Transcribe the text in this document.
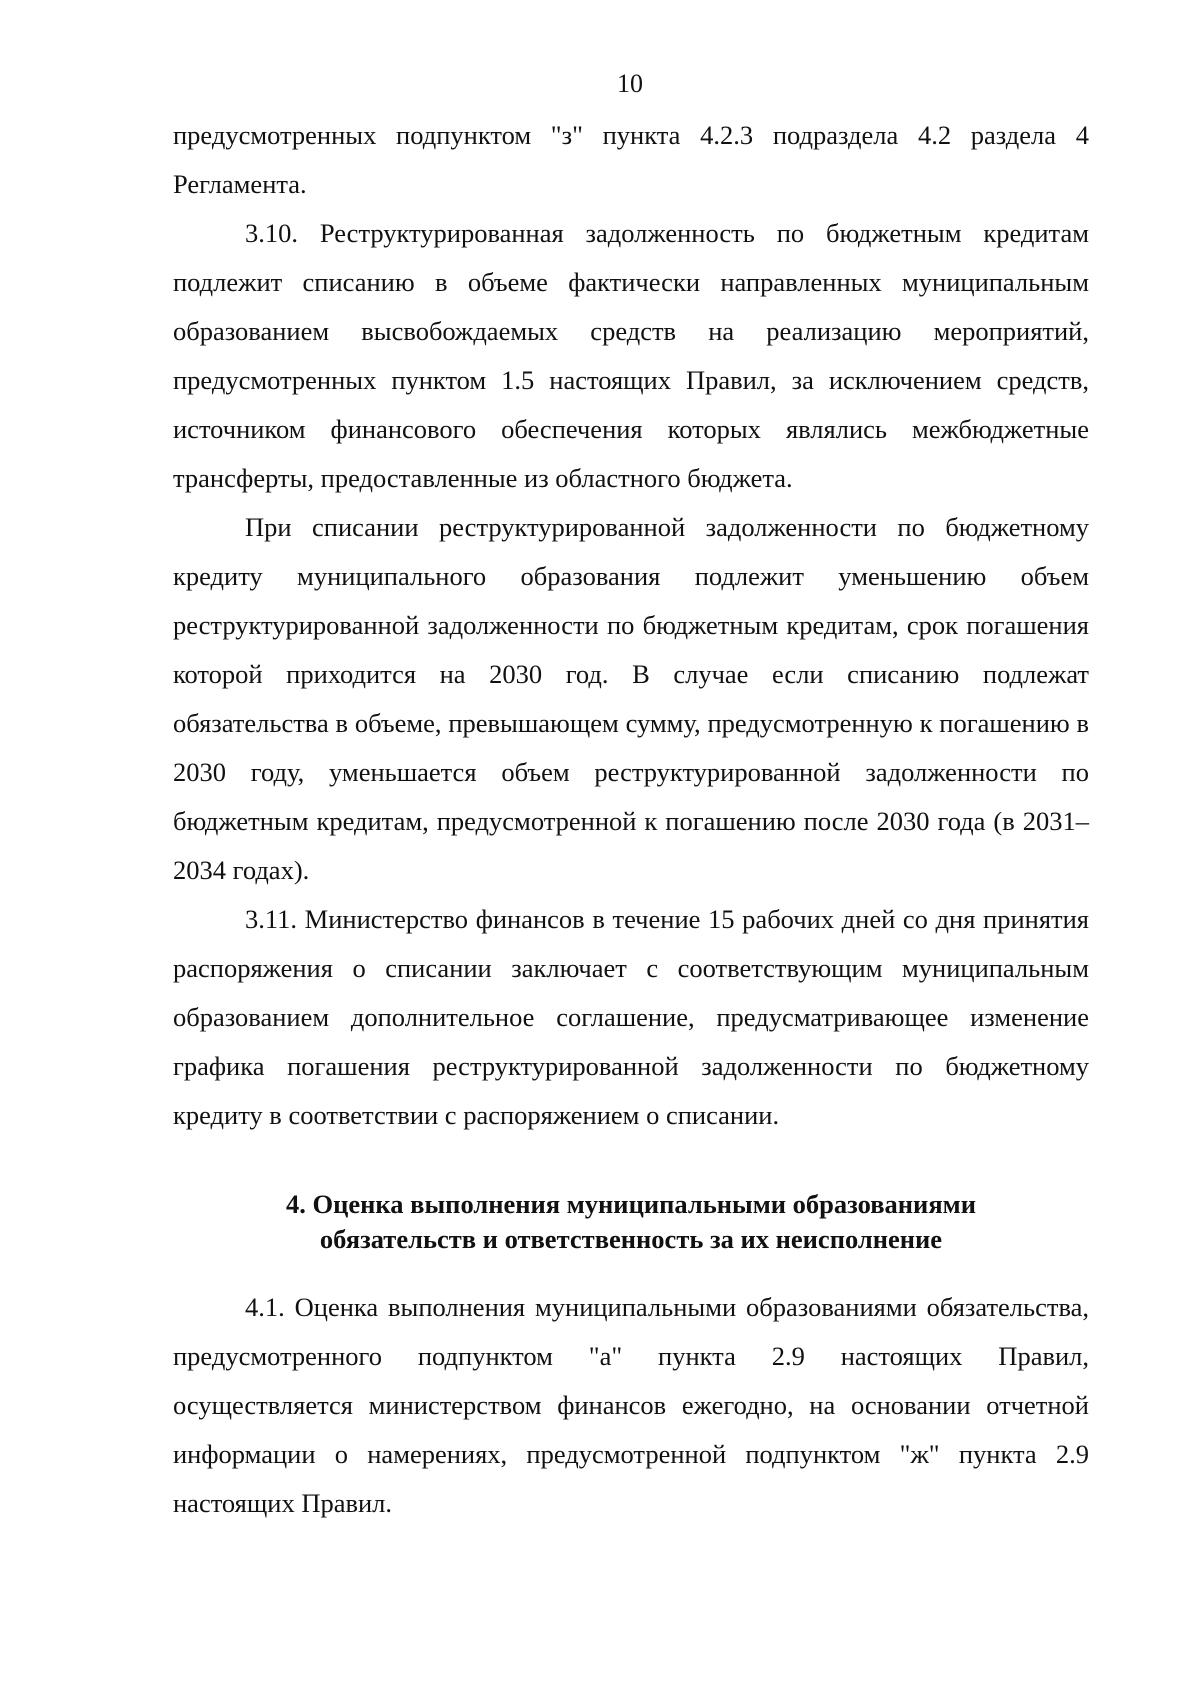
10

предусмотренных подпунктом "з" пункта 4.2.3 подраздела 4.2 раздела 4 Регламента.

3.10. Реструктурированная задолженность по бюджетным кредитам подлежит списанию в объеме фактически направленных муниципальным образованием высвобождаемых средств на реализацию мероприятий, предусмотренных пунктом 1.5 настоящих Правил, за исключением средств, источником финансового обеспечения которых являлись межбюджетные трансферты, предоставленные из областного бюджета.

При списании реструктурированной задолженности по бюджетному кредиту муниципального образования подлежит уменьшению объем реструктурированной задолженности по бюджетным кредитам, срок погашения которой приходится на 2030 год. В случае если списанию подлежат обязательства в объеме, превышающем сумму, предусмотренную к погашению в 2030 году, уменьшается объем реструктурированной задолженности по бюджетным кредитам, предусмотренной к погашению после 2030 года (в 2031–2034 годах).

3.11. Министерство финансов в течение 15 рабочих дней со дня принятия распоряжения о списании заключает с соответствующим муниципальным образованием дополнительное соглашение, предусматривающее изменение графика погашения реструктурированной задолженности по бюджетному кредиту в соответствии с распоряжением о списании.

4. Оценка выполнения муниципальными образованиями
обязательств и ответственность за их неисполнение

4.1. Оценка выполнения муниципальными образованиями обязательства, предусмотренного подпунктом "а" пункта 2.9 настоящих Правил, осуществляется министерством финансов ежегодно, на основании отчетной информации о намерениях, предусмотренной подпунктом "ж" пункта 2.9 настоящих Правил.
